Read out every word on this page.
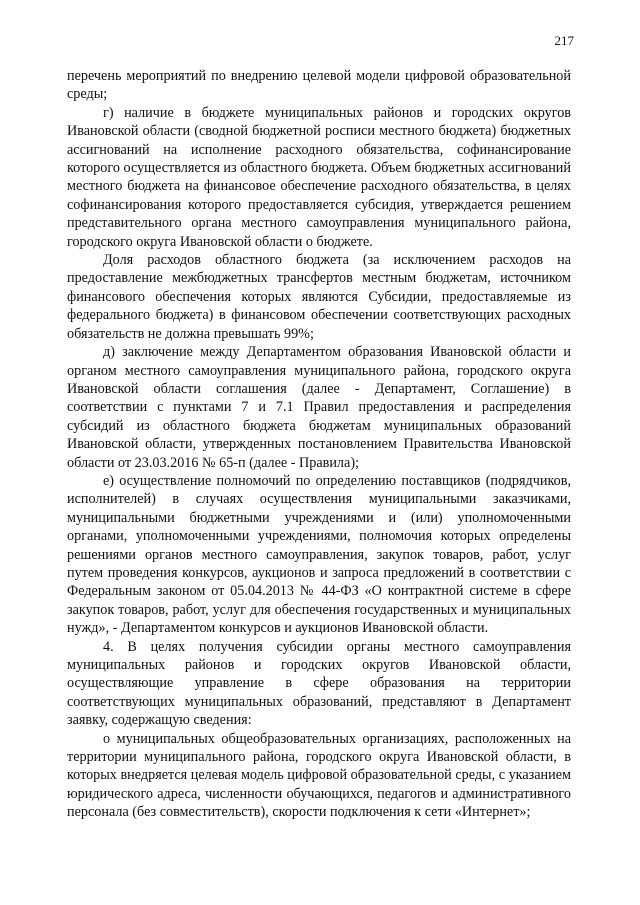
217

перечень мероприятий по внедрению целевой модели цифровой образовательной среды;

г) наличие в бюджете муниципальных районов и городских округов Ивановской области (сводной бюджетной росписи местного бюджета) бюджетных ассигнований на исполнение расходного обязательства, софинансирование которого осуществляется из областного бюджета. Объем бюджетных ассигнований местного бюджета на финансовое обеспечение расходного обязательства, в целях софинансирования которого предоставляется субсидия, утверждается решением представительного органа местного самоуправления муниципального района, городского округа Ивановской области о бюджете.

Доля расходов областного бюджета (за исключением расходов на предоставление межбюджетных трансфертов местным бюджетам, источником финансового обеспечения которых являются Субсидии, предоставляемые из федерального бюджета) в финансовом обеспечении соответствующих расходных обязательств не должна превышать 99%;

д) заключение между Департаментом образования Ивановской области и органом местного самоуправления муниципального района, городского округа Ивановской области соглашения (далее - Департамент, Соглашение) в соответствии с пунктами 7 и 7.1 Правил предоставления и распределения субсидий из областного бюджета бюджетам муниципальных образований Ивановской области, утвержденных постановлением Правительства Ивановской области от 23.03.2016 № 65-п (далее - Правила);

е) осуществление полномочий по определению поставщиков (подрядчиков, исполнителей) в случаях осуществления муниципальными заказчиками, муниципальными бюджетными учреждениями и (или) уполномоченными органами, уполномоченными учреждениями, полномочия которых определены решениями органов местного самоуправления, закупок товаров, работ, услуг путем проведения конкурсов, аукционов и запроса предложений в соответствии с Федеральным законом от 05.04.2013 № 44-ФЗ «О контрактной системе в сфере закупок товаров, работ, услуг для обеспечения государственных и муниципальных нужд», - Департаментом конкурсов и аукционов Ивановской области.

4. В целях получения субсидии органы местного самоуправления муниципальных районов и городских округов Ивановской области, осуществляющие управление в сфере образования на территории соответствующих муниципальных образований, представляют в Департамент заявку, содержащую сведения:

о муниципальных общеобразовательных организациях, расположенных на территории муниципального района, городского округа Ивановской области, в которых внедряется целевая модель цифровой образовательной среды, с указанием юридического адреса, численности обучающихся, педагогов и административного персонала (без совместительств), скорости подключения к сети «Интернет»;
